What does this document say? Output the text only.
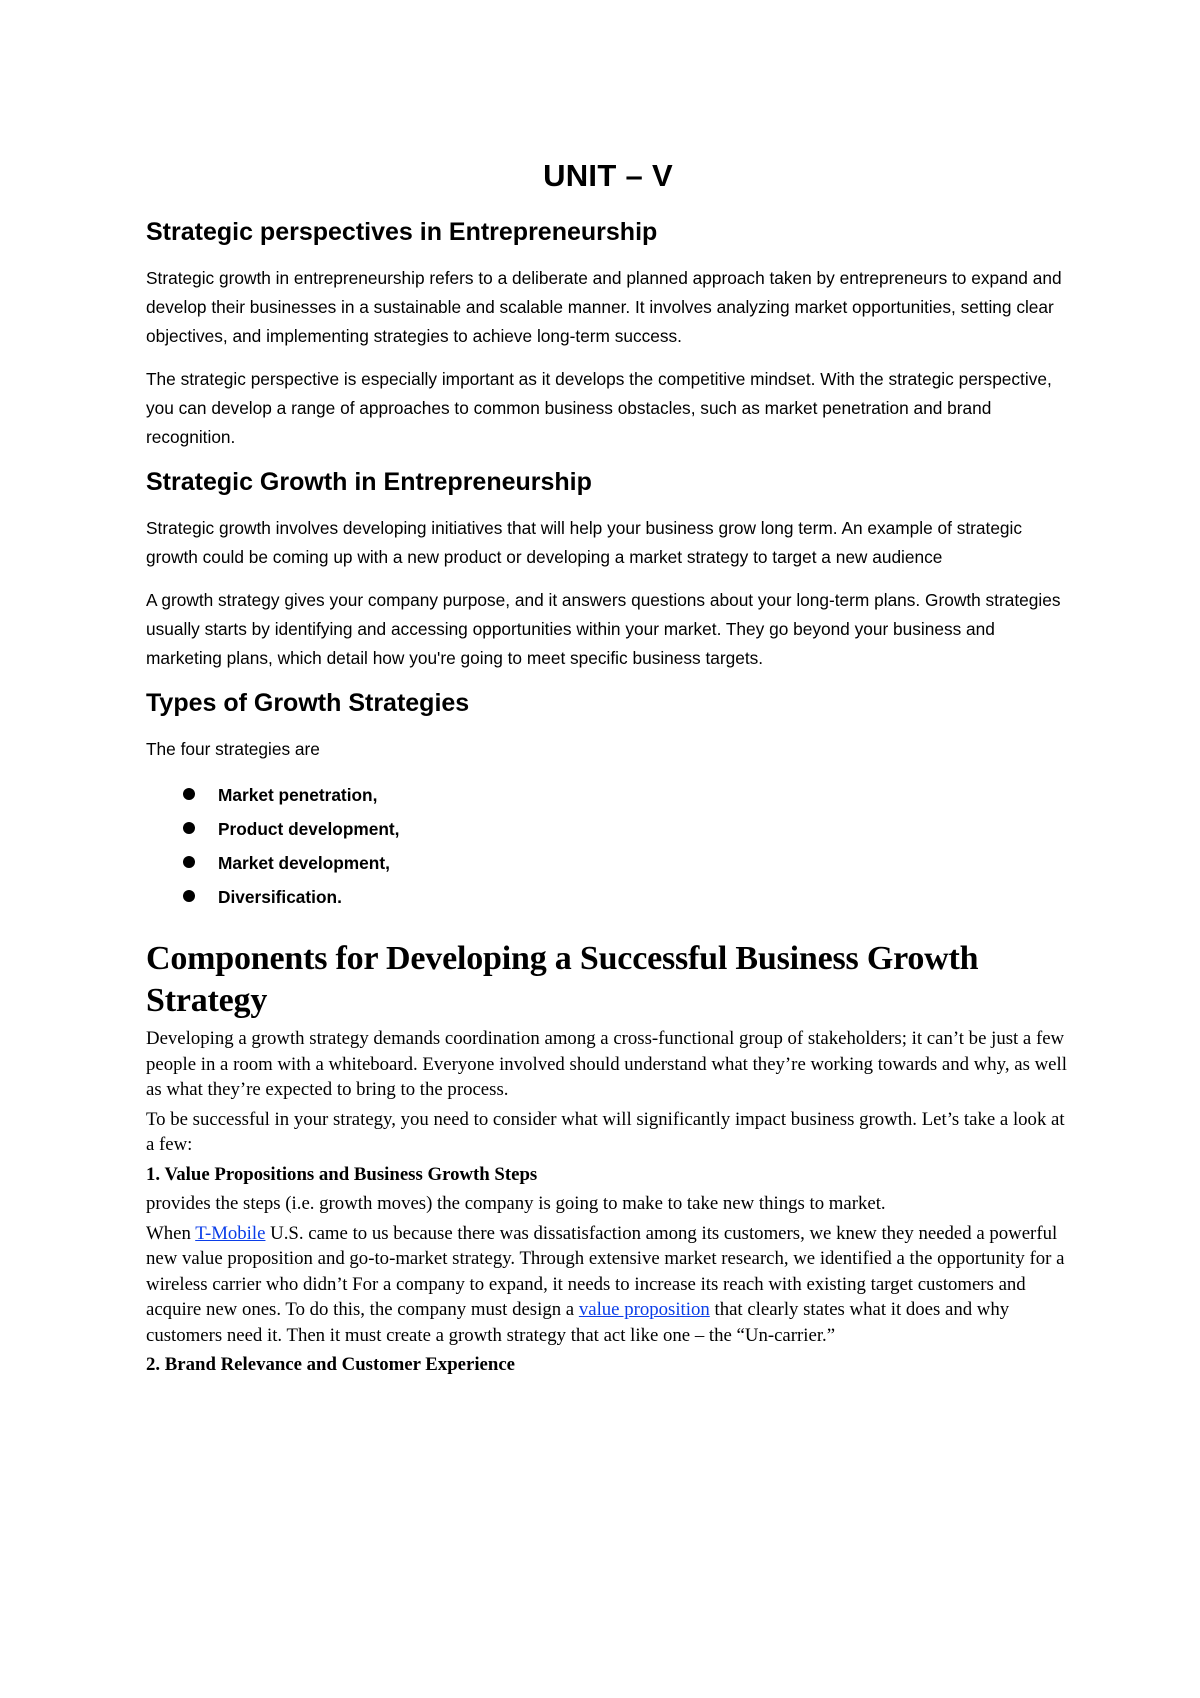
UNIT – V
Strategic perspectives in Entrepreneurship

Strategic growth in entrepreneurship refers to a deliberate and planned approach taken by entrepreneurs to expand and develop their businesses in a sustainable and scalable manner. It involves analyzing market opportunities, setting clear objectives, and implementing strategies to achieve long-term success.

The strategic perspective is especially important as it develops the competitive mindset. With the strategic perspective, you can develop a range of approaches to common business obstacles, such as market penetration and brand recognition.

Strategic Growth in Entrepreneurship

Strategic growth involves developing initiatives that will help your business grow long term. An example of strategic growth could be coming up with a new product or developing a market strategy to target a new audience

A growth strategy gives your company purpose, and it answers questions about your long-term plans. Growth strategies usually starts by identifying and accessing opportunities within your market. They go beyond your business and marketing plans, which detail how you're going to meet specific business targets.

Types of Growth Strategies

The four strategies are

Market penetration,
Product development,
Market development,
Diversification.
Components for Developing a Successful Business Growth Strategy

Developing a growth strategy demands coordination among a cross-functional group of stakeholders; it can’t be just a few people in a room with a whiteboard. Everyone involved should understand what they’re working towards and why, as well as what they’re expected to bring to the process.

To be successful in your strategy, you need to consider what will significantly impact business growth. Let’s take a look at a few:

1. Value Propositions and Business Growth Steps

provides the steps (i.e. growth moves) the company is going to make to take new things to market.

When T-Mobile U.S. came to us because there was dissatisfaction among its customers, we knew they needed a powerful new value proposition and go-to-market strategy. Through extensive market research, we identified a the opportunity for a wireless carrier who didn’t For a company to expand, it needs to increase its reach with existing target customers and acquire new ones. To do this, the company must design a value proposition that clearly states what it does and why customers need it. Then it must create a growth strategy that act like one – the “Un-carrier.”

2. Brand Relevance and Customer Experience
